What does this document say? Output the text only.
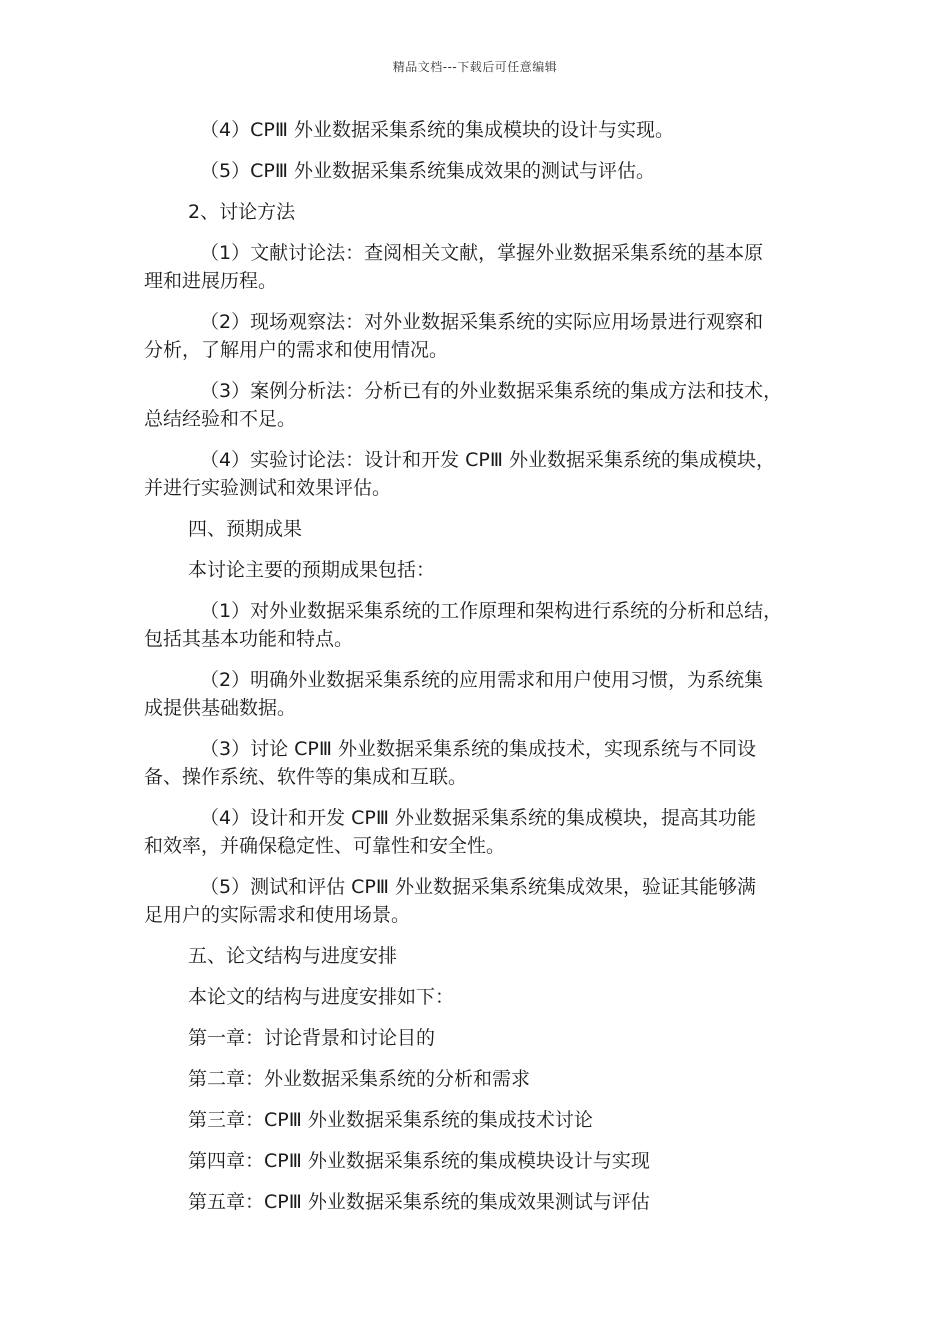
精品文档---下载后可任意编辑

（4）CPⅢ 外业数据采集系统的集成模块的设计与实现。

（5）CPⅢ 外业数据采集系统集成效果的测试与评估。

2、讨论方法

（1）文献讨论法：查阅相关文献，掌握外业数据采集系统的基本原
理和进展历程。

（2）现场观察法：对外业数据采集系统的实际应用场景进行观察和
分析，了解用户的需求和使用情况。

（3）案例分析法：分析已有的外业数据采集系统的集成方法和技术，
总结经验和不足。

（4）实验讨论法：设计和开发 CPⅢ 外业数据采集系统的集成模块，
并进行实验测试和效果评估。

四、预期成果

本讨论主要的预期成果包括：

（1）对外业数据采集系统的工作原理和架构进行系统的分析和总结，
包括其基本功能和特点。

（2）明确外业数据采集系统的应用需求和用户使用习惯，为系统集
成提供基础数据。

（3）讨论 CPⅢ 外业数据采集系统的集成技术，实现系统与不同设
备、操作系统、软件等的集成和互联。

（4）设计和开发 CPⅢ 外业数据采集系统的集成模块，提高其功能
和效率，并确保稳定性、可靠性和安全性。

（5）测试和评估 CPⅢ 外业数据采集系统集成效果，验证其能够满
足用户的实际需求和使用场景。

五、论文结构与进度安排

本论文的结构与进度安排如下：

第一章：讨论背景和讨论目的

第二章：外业数据采集系统的分析和需求

第三章：CPⅢ 外业数据采集系统的集成技术讨论

第四章：CPⅢ 外业数据采集系统的集成模块设计与实现

第五章：CPⅢ 外业数据采集系统的集成效果测试与评估
